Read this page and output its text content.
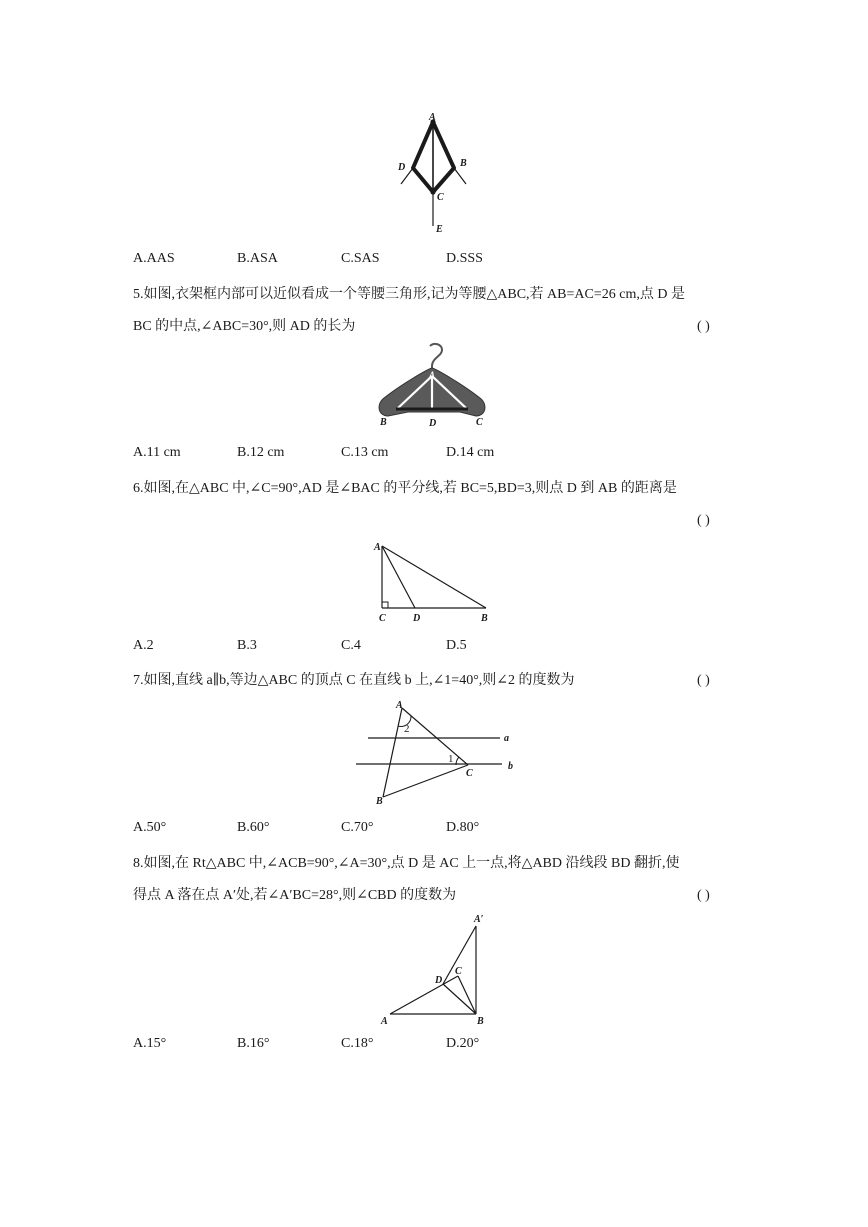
A
D	B
C
E
A.AAS	B.ASA	C.SAS	D.SSS
5.如图,衣架框内部可以近似看成一个等腰三角形,记为等腰△ABC,若 AB=AC=26 cm,点 D 是
BC 的中点,∠ABC=30°,则 AD 的长为	( )
A
B	D	C
A.11 cm	B.12 cm	C.13 cm	D.14 cm
6.如图,在△ABC 中,∠C=90°,AD 是∠BAC 的平分线,若 BC=5,BD=3,则点 D 到 AB 的距离是
( )
A
C	D	B
A.2	B.3	C.4	D.5
7.如图,直线 a∥b,等边△ABC 的顶点 C 在直线 b 上,∠1=40°,则∠2 的度数为	( )
A
B
C
a
b
1
2
A.50°	B.60°	C.70°	D.80°
8.如图,在 Rt△ABC 中,∠ACB=90°,∠A=30°,点 D 是 AC 上一点,将△ABD 沿线段 BD 翻折,使
得点 A 落在点 A′处,若∠A′BC=28°,则∠CBD 的度数为	( )
A′
C
D
A	B
A.15°	B.16°	C.18°	D.20°
